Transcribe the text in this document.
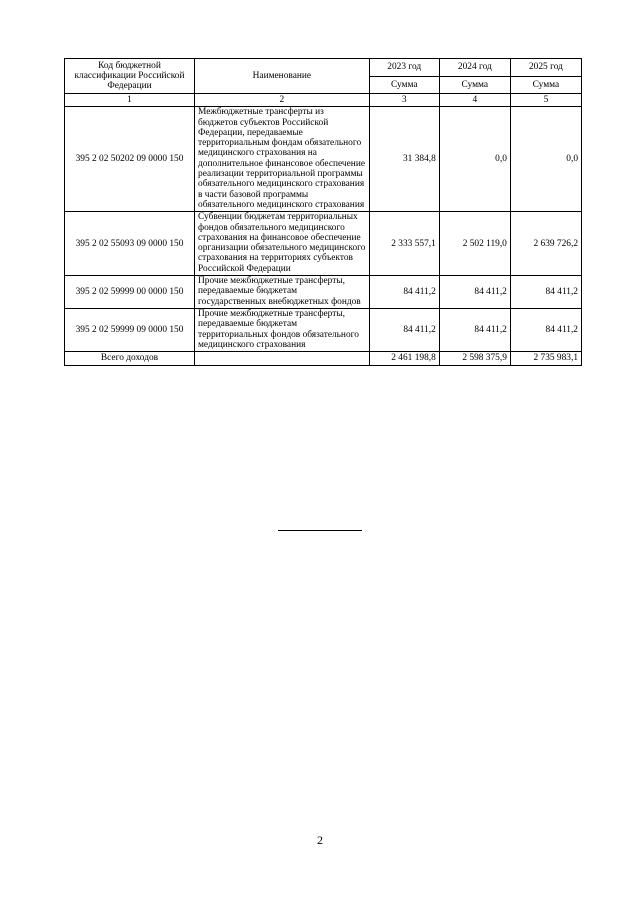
Код бюджетной классификации Российской Федерации	Наименование	2023 год	2024 год	2025 год
		Сумма	Сумма	Сумма
1	2	3	4	5
395 2 02 50202 09 0000 150	Межбюджетные трансферты из бюджетов субъектов Российской Федерации, передаваемые территориальным фондам обязательного медицинского страхования на дополнительное финансовое обеспечение реализации территориальной программы обязательного медицинского страхования в части базовой программы обязательного медицинского страхования	31 384,8	0,0	0,0
395 2 02 55093 09 0000 150	Субвенции бюджетам территориальных фондов обязательного медицинского страхования на финансовое обеспечение организации обязательного медицинского страхования на территориях субъектов Российской Федерации	2 333 557,1	2 502 119,0	2 639 726,2
395 2 02 59999 00 0000 150	Прочие межбюджетные трансферты, передаваемые бюджетам государственных внебюджетных фондов	84 411,2	84 411,2	84 411,2
395 2 02 59999 09 0000 150	Прочие межбюджетные трансферты, передаваемые бюджетам территориальных фондов обязательного медицинского страхования	84 411,2	84 411,2	84 411,2
Всего доходов		2 461 198,8	2 598 375,9	2 735 983,1
2
